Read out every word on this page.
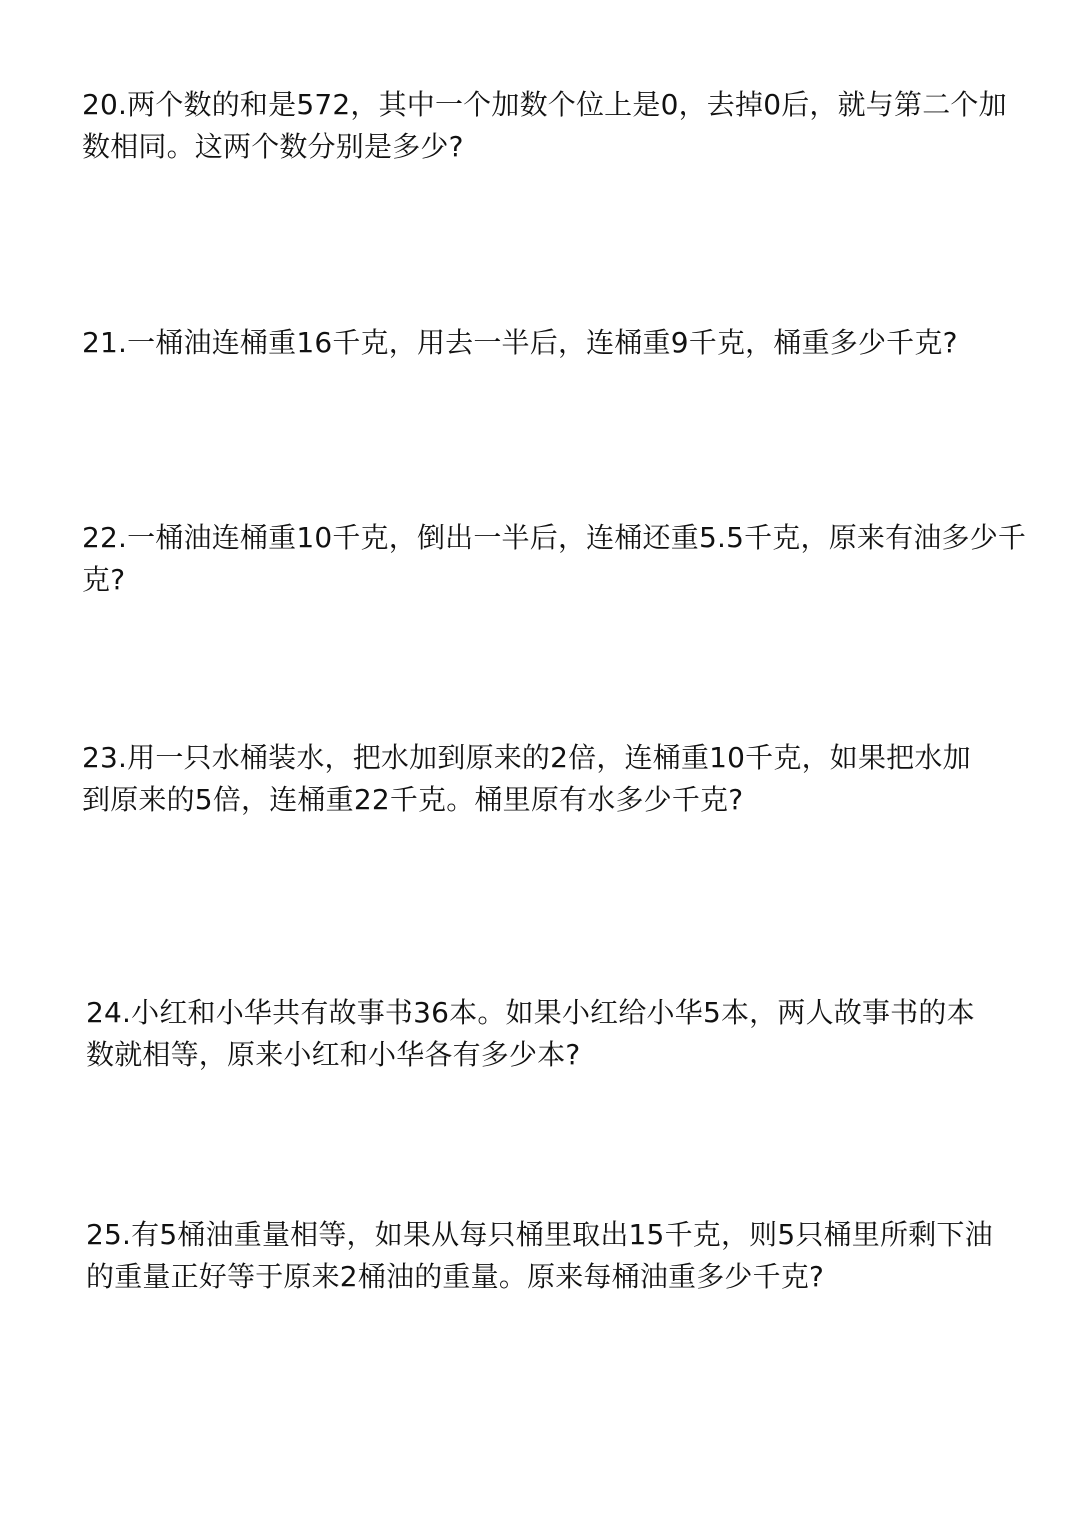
20.两个数的和是572，其中一个加数个位上是0，去掉0后，就与第二个加
数相同。这两个数分别是多少?

21.一桶油连桶重16千克，用去一半后，连桶重9千克，桶重多少千克?

22.一桶油连桶重10千克，倒出一半后，连桶还重5.5千克，原来有油多少千
克?

23.用一只水桶装水，把水加到原来的2倍，连桶重10千克，如果把水加
到原来的5倍，连桶重22千克。桶里原有水多少千克?

24.小红和小华共有故事书36本。如果小红给小华5本，两人故事书的本
数就相等，原来小红和小华各有多少本?

25.有5桶油重量相等，如果从每只桶里取出15千克，则5只桶里所剩下油
的重量正好等于原来2桶油的重量。原来每桶油重多少千克?
